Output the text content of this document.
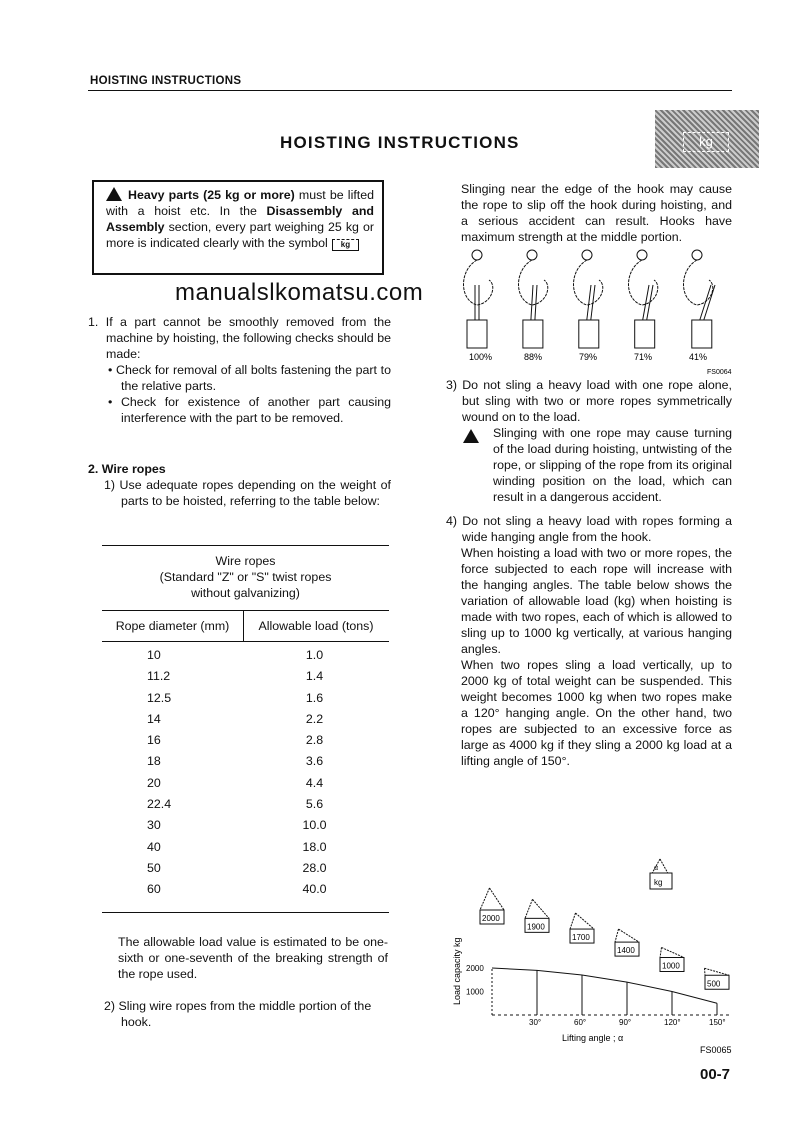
HOISTING INSTRUCTIONS
HOISTING INSTRUCTIONS	kg

Heavy parts (25 kg or more) must be lifted with a hoist etc. In the Disassembly and Assembly section, every part weighing 25 kg or more is indicated clearly with the symbol kg

manualslkomatsu.com
1. If a part cannot be smoothly removed from the machine by hoisting, the following checks should be made:
• Check for removal of all bolts fastening the part to the relative parts.
• Check for existence of another part causing interference with the part to be removed.
2. Wire ropes
1) Use adequate ropes depending on the weight of parts to be hoisted, referring to the table below:
Wire ropes
(Standard "Z" or "S" twist ropes
without galvanizing)
Rope diameter (mm)	Allowable load (tons)
10	1.0
11.2	1.4
12.5	1.6
14	2.2
16	2.8
18	3.6
20	4.4
22.4	5.6
30	10.0
40	18.0
50	28.0
60	40.0
The allowable load value is estimated to be one-sixth or one-seventh of the breaking strength of the rope used.
2) Sling wire ropes from the middle portion of the hook.
Slinging near the edge of the hook may cause the rope to slip off the hook during hoisting, and a serious accident can result. Hooks have maximum strength at the middle portion.
100%	88%	79%	71%	41%
FS0064
3) Do not sling a heavy load with one rope alone, but sling with two or more ropes symmetrically wound on to the load.
Slinging with one rope may cause turning of the load during hoisting, untwisting of the rope, or slipping of the rope from its original winding position on the load, which can result in a dangerous accident.
4) Do not sling a heavy load with ropes forming a wide hanging angle from the hook.
When hoisting a load with two or more ropes, the force subjected to each rope will increase with the hanging angles. The table below shows the variation of allowable load (kg) when hoisting is made with two ropes, each of which is allowed to sling up to 1000 kg vertically, at various hanging angles.
When two ropes sling a load vertically, up to 2000 kg of total weight can be suspended. This weight becomes 1000 kg when two ropes make a 120° hanging angle. On the other hand, two ropes are subjected to an excessive force as large as 4000 kg if they sling a 2000 kg load at a lifting angle of 150°.
Load capacity kg
Lifting angle ; α
FS0065
α
kg
2000
1000
30°	60°	90°	120°	150°
2000
1900
1700
1400
1000
500
00-7
